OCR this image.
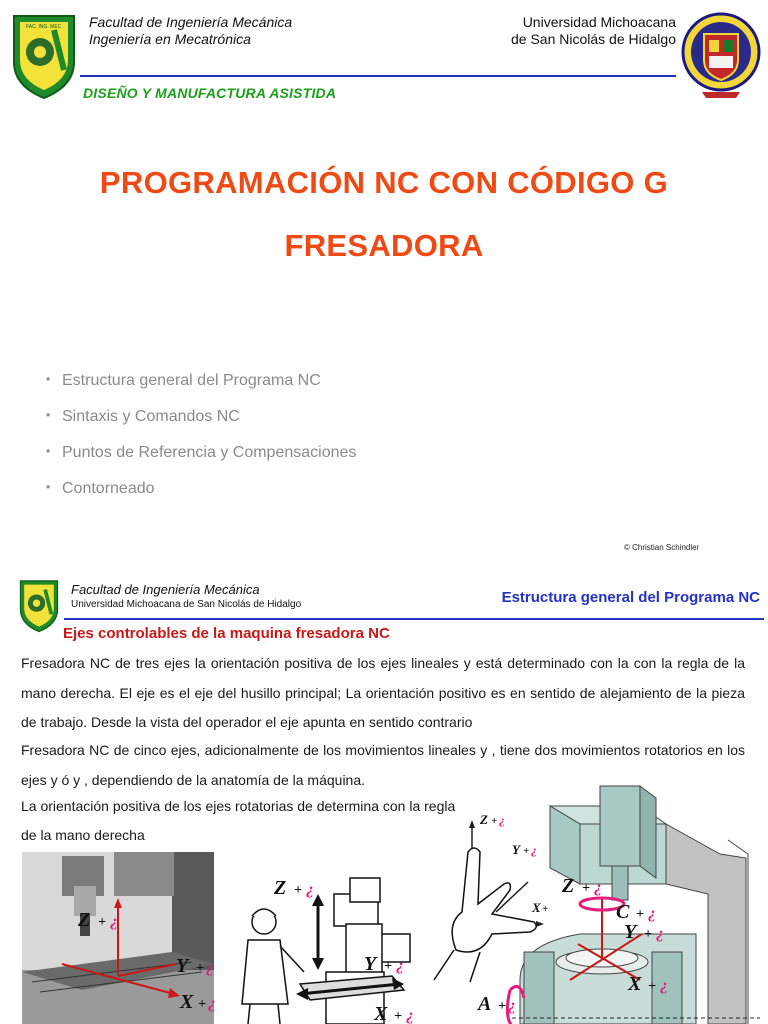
FAC. ING. MEC Facultad de Ingeniería Mecánica
Ingeniería en Mecatrónica
Universidad Michoacana
de San Nicolás de Hidalgo
DISEÑO Y MANUFACTURA ASISTIDA
PROGRAMACIÓN NC CON CÓDIGO G
FRESADORA
• Estructura general del Programa NC
• Sintaxis y Comandos NC
• Puntos de Referencia y Compensaciones
• Contorneado
© Christian Schindler
Facultad de Ingeniería Mecánica
Universidad Michoacana de San Nicolás de Hidalgo	Estructura general del Programa NC
Ejes controlables de la maquina fresadora NC

Fresadora NC de tres ejes la orientación positiva de los ejes lineales y está determinado con la con la regla de la mano derecha. El eje es el eje del husillo principal; La orientación positivo es en sentido de alejamiento de la pieza de trabajo. Desde la vista del operador el eje apunta en sentido contrario

Fresadora NC de cinco ejes, adicionalmente de los movimientos lineales y , tiene dos movimientos rotatorios en los ejes y ó y , dependiendo de la anatomía de la máquina.

La orientación positiva de los ejes rotatorias de determina con la regla de la mano derecha

Z + ¿
Y + ¿
X + ¿
Z + ¿
Y + ¿
X +
Z + ¿
Y + ¿
X + ¿
Z + ¿
C + ¿
Y + ¿
X + ¿
A + ¿
